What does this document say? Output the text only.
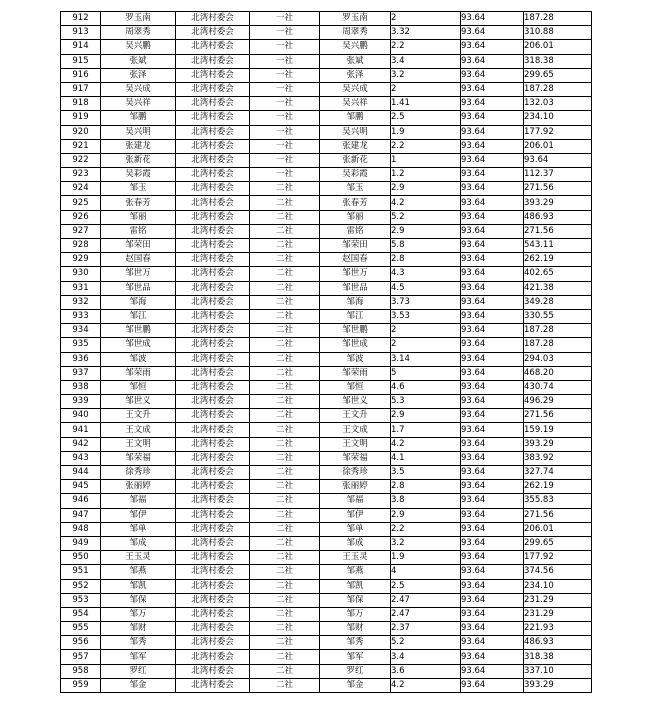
912	罗玉南	北湾村委会	一社	罗玉南	2	93.64	187.28
913	周翠秀	北湾村委会	一社	周翠秀	3.32	93.64	310.88
914	吴兴鹏	北湾村委会	一社	吴兴鹏	2.2	93.64	206.01
915	张斌	北湾村委会	一社	张斌	3.4	93.64	318.38
916	张泽	北湾村委会	一社	张泽	3.2	93.64	299.65
917	吴兴成	北湾村委会	一社	吴兴成	2	93.64	187.28
918	吴兴祥	北湾村委会	一社	吴兴祥	1.41	93.64	132.03
919	邹鹏	北湾村委会	一社	邹鹏	2.5	93.64	234.10
920	吴兴明	北湾村委会	一社	吴兴明	1.9	93.64	177.92
921	张建龙	北湾村委会	一社	张建龙	2.2	93.64	206.01
922	张新花	北湾村委会	一社	张新花	1	93.64	93.64
923	吴彩霞	北湾村委会	一社	吴彩霞	1.2	93.64	112.37
924	邹玉	北湾村委会	二社	邹玉	2.9	93.64	271.56
925	张春芳	北湾村委会	二社	张春芳	4.2	93.64	393.29
926	邹丽	北湾村委会	二社	邹丽	5.2	93.64	486.93
927	雷铭	北湾村委会	二社	雷铭	2.9	93.64	271.56
928	邹荣田	北湾村委会	二社	邹荣田	5.8	93.64	543.11
929	赵国春	北湾村委会	二社	赵国春	2.8	93.64	262.19
930	邹世万	北湾村委会	二社	邹世万	4.3	93.64	402.65
931	邹世品	北湾村委会	二社	邹世品	4.5	93.64	421.38
932	邹海	北湾村委会	二社	邹海	3.73	93.64	349.28
933	邹江	北湾村委会	二社	邹江	3.53	93.64	330.55
934	邹世鹏	北湾村委会	二社	邹世鹏	2	93.64	187.28
935	邹世成	北湾村委会	二社	邹世成	2	93.64	187.28
936	邹波	北湾村委会	二社	邹波	3.14	93.64	294.03
937	邹荣雨	北湾村委会	二社	邹荣雨	5	93.64	468.20
938	邹恒	北湾村委会	二社	邹恒	4.6	93.64	430.74
939	邹世义	北湾村委会	二社	邹世义	5.3	93.64	496.29
940	王文升	北湾村委会	二社	王文升	2.9	93.64	271.56
941	王文成	北湾村委会	二社	王文成	1.7	93.64	159.19
942	王文明	北湾村委会	二社	王文明	4.2	93.64	393.29
943	邹荣福	北湾村委会	二社	邹荣福	4.1	93.64	383.92
944	徐秀珍	北湾村委会	二社	徐秀珍	3.5	93.64	327.74
945	张丽婷	北湾村委会	二社	张丽婷	2.8	93.64	262.19
946	邹福	北湾村委会	二社	邹福	3.8	93.64	355.83
947	邹伊	北湾村委会	二社	邹伊	2.9	93.64	271.56
948	邹单	北湾村委会	二社	邹单	2.2	93.64	206.01
949	邹成	北湾村委会	二社	邹成	3.2	93.64	299.65
950	王玉灵	北湾村委会	二社	王玉灵	1.9	93.64	177.92
951	邹燕	北湾村委会	二社	邹燕	4	93.64	374.56
952	邹凯	北湾村委会	二社	邹凯	2.5	93.64	234.10
953	邹保	北湾村委会	二社	邹保	2.47	93.64	231.29
954	邹万	北湾村委会	二社	邹万	2.47	93.64	231.29
955	邹财	北湾村委会	二社	邹财	2.37	93.64	221.93
956	邹秀	北湾村委会	二社	邹秀	5.2	93.64	486.93
957	邹军	北湾村委会	二社	邹军	3.4	93.64	318.38
958	罗红	北湾村委会	二社	罗红	3.6	93.64	337.10
959	邹金	北湾村委会	二社	邹金	4.2	93.64	393.29
